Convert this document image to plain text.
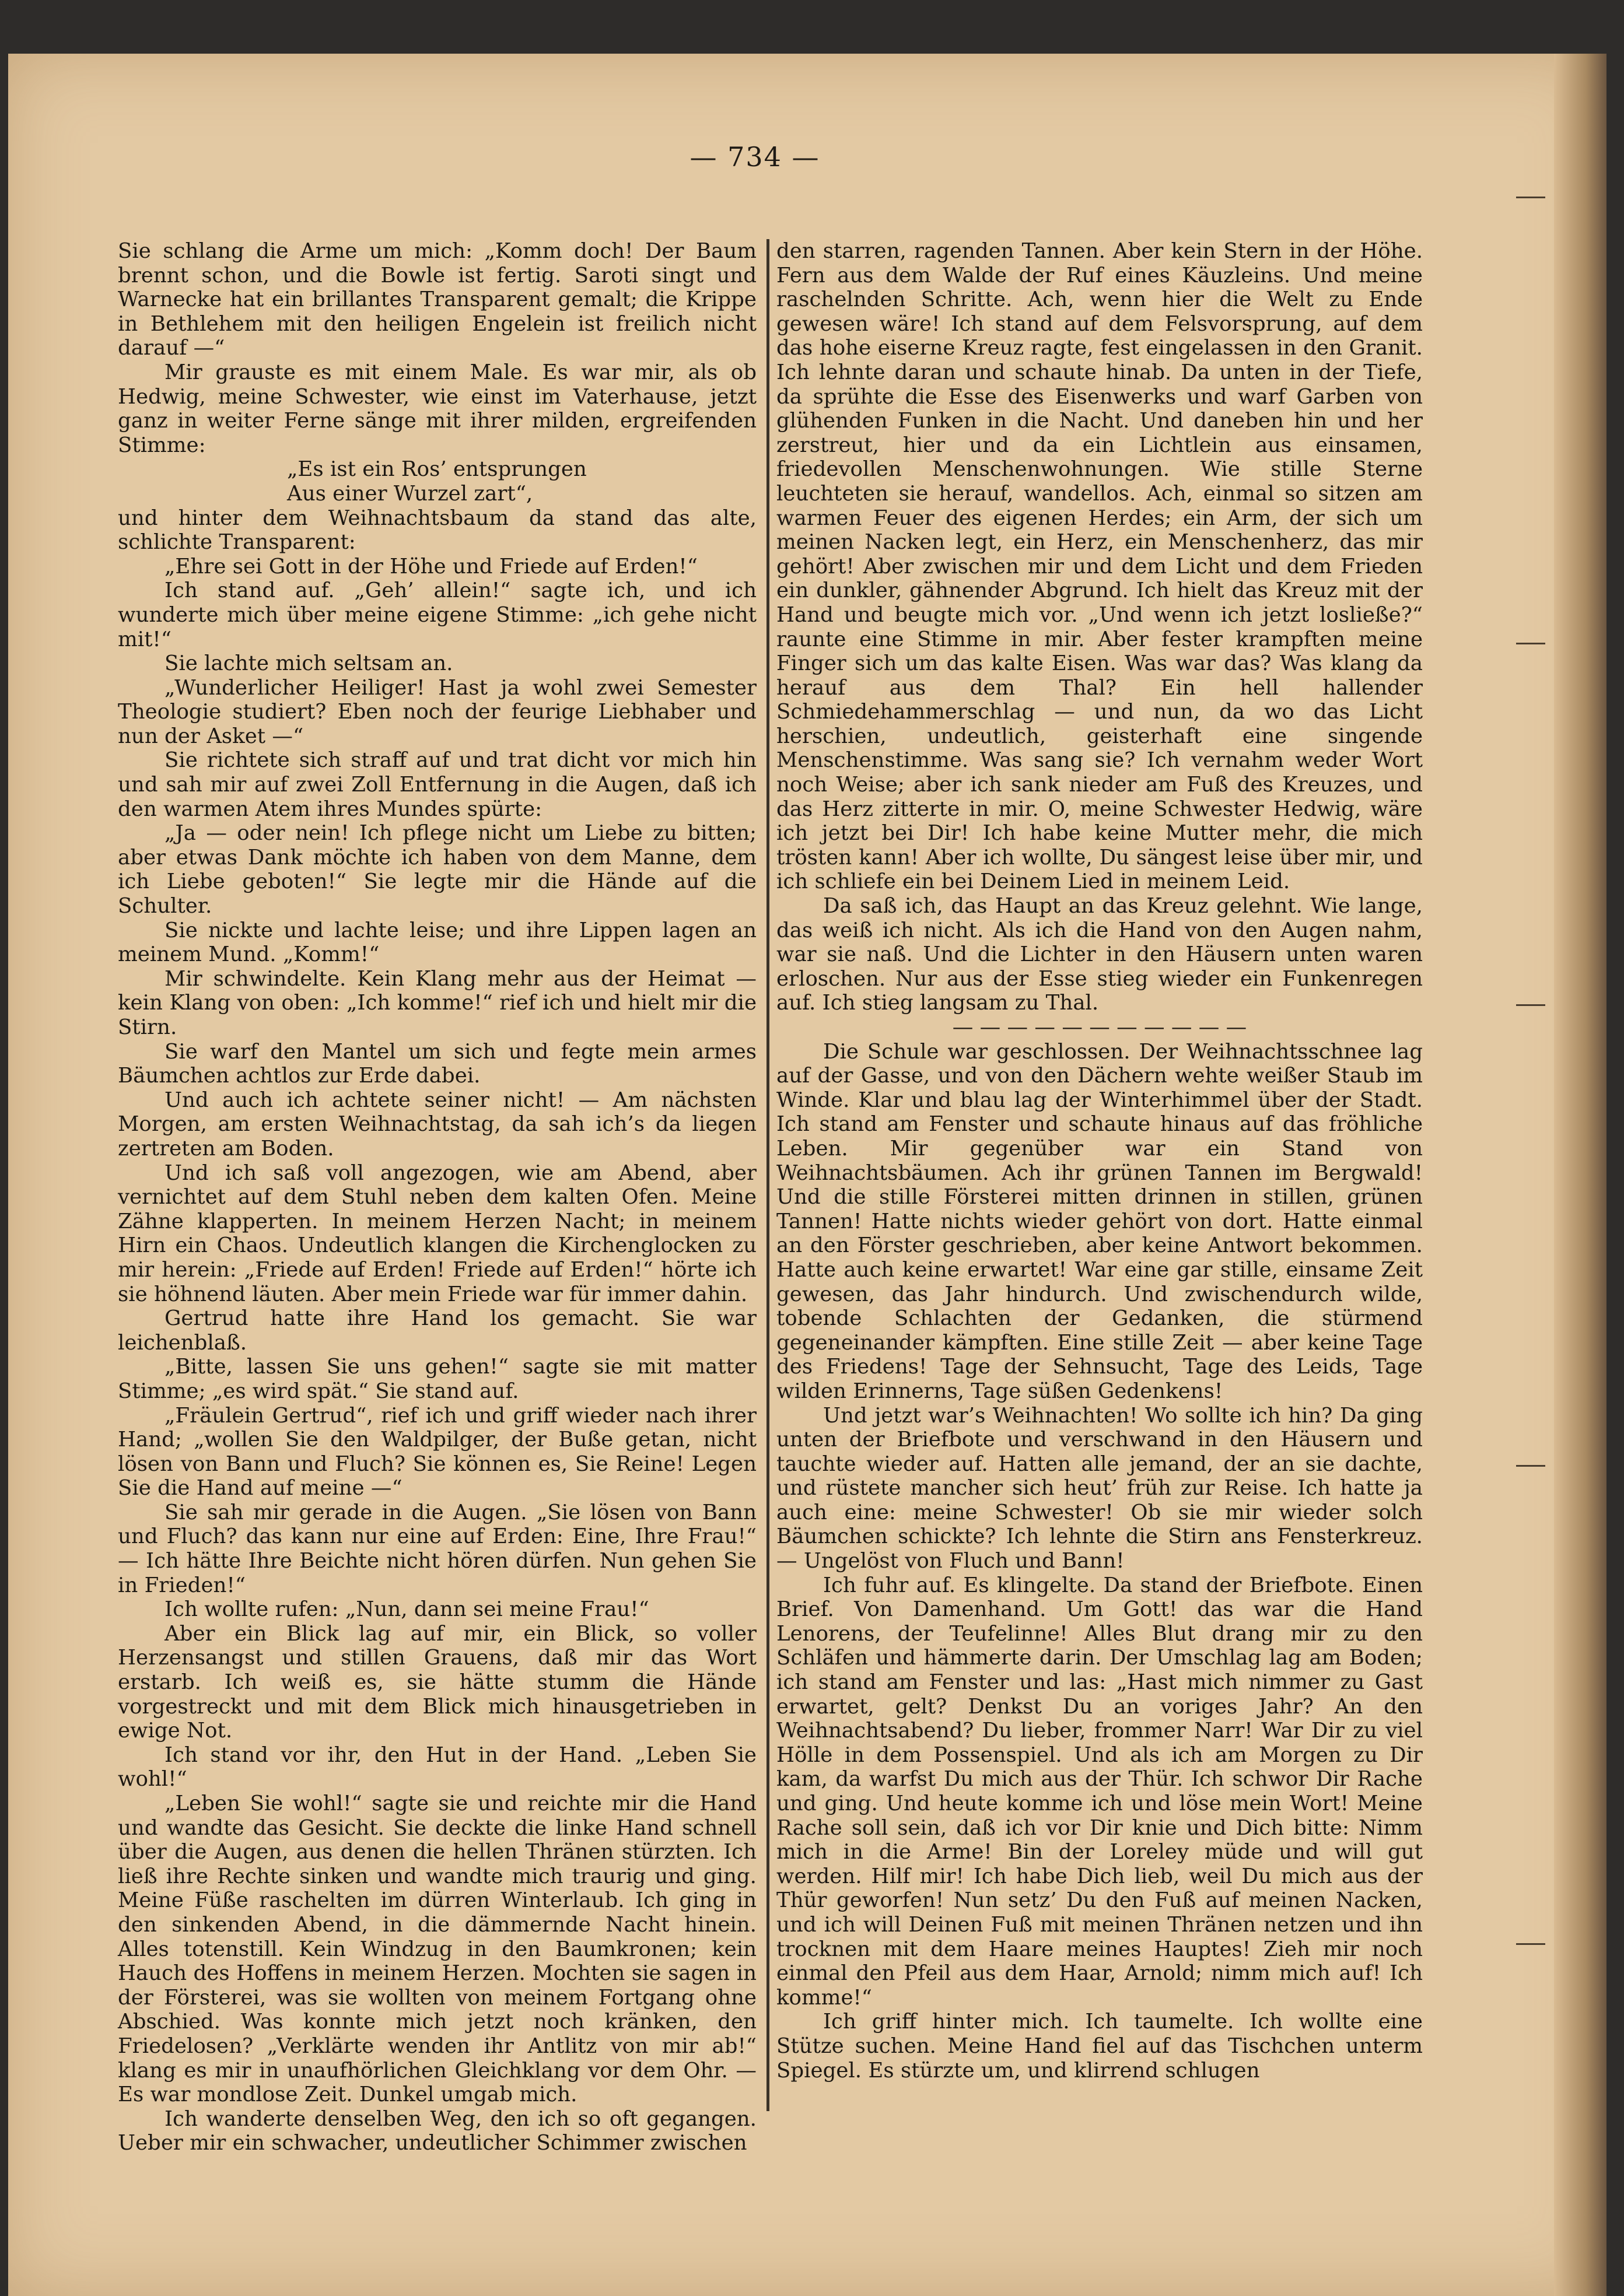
— 734 —

Sie schlang die Arme um mich: „Komm doch! Der Baum brennt schon, und die Bowle ist fertig. Saroti singt und Warnecke hat ein brillantes Transparent gemalt; die Krippe in Bethlehem mit den heiligen Engelein ist freilich nicht darauf —“

Mir grauste es mit einem Male. Es war mir, als ob Hedwig, meine Schwester, wie einst im Vaterhause, jetzt ganz in weiter Ferne sänge mit ihrer milden, ergreifenden Stimme:

„Es ist ein Ros’ entsprungen

Aus einer Wurzel zart“,

und hinter dem Weihnachtsbaum da stand das alte, schlichte Transparent:

„Ehre sei Gott in der Höhe und Friede auf Erden!“

Ich stand auf. „Geh’ allein!“ sagte ich, und ich wunderte mich über meine eigene Stimme: „ich gehe nicht mit!“

Sie lachte mich seltsam an.

„Wunderlicher Heiliger! Hast ja wohl zwei Semester Theologie studiert? Eben noch der feurige Liebhaber und nun der Asket —“

Sie richtete sich straff auf und trat dicht vor mich hin und sah mir auf zwei Zoll Entfernung in die Augen, daß ich den warmen Atem ihres Mundes spürte:

„Ja — oder nein! Ich pflege nicht um Liebe zu bitten; aber etwas Dank möchte ich haben von dem Manne, dem ich Liebe geboten!“ Sie legte mir die Hände auf die Schulter.

Sie nickte und lachte leise; und ihre Lippen lagen an meinem Mund. „Komm!“

Mir schwindelte. Kein Klang mehr aus der Heimat — kein Klang von oben: „Ich komme!“ rief ich und hielt mir die Stirn.

Sie warf den Mantel um sich und fegte mein armes Bäumchen achtlos zur Erde dabei.

Und auch ich achtete seiner nicht! — Am nächsten Morgen, am ersten Weihnachtstag, da sah ich’s da liegen zertreten am Boden.

Und ich saß voll angezogen, wie am Abend, aber vernichtet auf dem Stuhl neben dem kalten Ofen. Meine Zähne klapperten. In meinem Herzen Nacht; in meinem Hirn ein Chaos. Undeutlich klangen die Kirchenglocken zu mir herein: „Friede auf Erden! Friede auf Erden!“ hörte ich sie höhnend läuten. Aber mein Friede war für immer dahin.

Gertrud hatte ihre Hand los gemacht. Sie war leichenblaß.

„Bitte, lassen Sie uns gehen!“ sagte sie mit matter Stimme; „es wird spät.“ Sie stand auf.

„Fräulein Gertrud“, rief ich und griff wieder nach ihrer Hand; „wollen Sie den Waldpilger, der Buße getan, nicht lösen von Bann und Fluch? Sie können es, Sie Reine! Legen Sie die Hand auf meine —“

Sie sah mir gerade in die Augen. „Sie lösen von Bann und Fluch? das kann nur eine auf Erden: Eine, Ihre Frau!“ — Ich hätte Ihre Beichte nicht hören dürfen. Nun gehen Sie in Frieden!“

Ich wollte rufen: „Nun, dann sei meine Frau!“

Aber ein Blick lag auf mir, ein Blick, so voller Herzensangst und stillen Grauens, daß mir das Wort erstarb. Ich weiß es, sie hätte stumm die Hände vorgestreckt und mit dem Blick mich hinausgetrieben in ewige Not.

Ich stand vor ihr, den Hut in der Hand. „Leben Sie wohl!“

„Leben Sie wohl!“ sagte sie und reichte mir die Hand und wandte das Gesicht. Sie deckte die linke Hand schnell über die Augen, aus denen die hellen Thränen stürzten. Ich ließ ihre Rechte sinken und wandte mich traurig und ging. Meine Füße raschelten im dürren Winterlaub. Ich ging in den sinkenden Abend, in die dämmernde Nacht hinein. Alles totenstill. Kein Windzug in den Baumkronen; kein Hauch des Hoffens in meinem Herzen. Mochten sie sagen in der Försterei, was sie wollten von meinem Fortgang ohne Abschied. Was konnte mich jetzt noch kränken, den Friedelosen? „Verklärte wenden ihr Antlitz von mir ab!“ klang es mir in unaufhörlichen Gleichklang vor dem Ohr. — Es war mondlose Zeit. Dunkel umgab mich.

Ich wanderte denselben Weg, den ich so oft gegangen. Ueber mir ein schwacher, undeutlicher Schimmer zwischen

den starren, ragenden Tannen. Aber kein Stern in der Höhe. Fern aus dem Walde der Ruf eines Käuzleins. Und meine raschelnden Schritte. Ach, wenn hier die Welt zu Ende gewesen wäre! Ich stand auf dem Felsvorsprung, auf dem das hohe eiserne Kreuz ragte, fest eingelassen in den Granit. Ich lehnte daran und schaute hinab. Da unten in der Tiefe, da sprühte die Esse des Eisenwerks und warf Garben von glühenden Funken in die Nacht. Und daneben hin und her zerstreut, hier und da ein Lichtlein aus einsamen, friedevollen Menschenwohnungen. Wie stille Sterne leuchteten sie herauf, wandellos. Ach, einmal so sitzen am warmen Feuer des eigenen Herdes; ein Arm, der sich um meinen Nacken legt, ein Herz, ein Menschenherz, das mir gehört! Aber zwischen mir und dem Licht und dem Frieden ein dunkler, gähnender Abgrund. Ich hielt das Kreuz mit der Hand und beugte mich vor. „Und wenn ich jetzt losließe?“ raunte eine Stimme in mir. Aber fester krampften meine Finger sich um das kalte Eisen. Was war das? Was klang da herauf aus dem Thal? Ein hell hallender Schmiedehammerschlag — und nun, da wo das Licht herschien, undeutlich, geisterhaft eine singende Menschenstimme. Was sang sie? Ich vernahm weder Wort noch Weise; aber ich sank nieder am Fuß des Kreuzes, und das Herz zitterte in mir. O, meine Schwester Hedwig, wäre ich jetzt bei Dir! Ich habe keine Mutter mehr, die mich trösten kann! Aber ich wollte, Du sängest leise über mir, und ich schliefe ein bei Deinem Lied in meinem Leid.

Da saß ich, das Haupt an das Kreuz gelehnt. Wie lange, das weiß ich nicht. Als ich die Hand von den Augen nahm, war sie naß. Und die Lichter in den Häusern unten waren erloschen. Nur aus der Esse stieg wieder ein Funkenregen auf. Ich stieg langsam zu Thal.

— — — — — — — — — — —

Die Schule war geschlossen. Der Weihnachtsschnee lag auf der Gasse, und von den Dächern wehte weißer Staub im Winde. Klar und blau lag der Winterhimmel über der Stadt. Ich stand am Fenster und schaute hinaus auf das fröhliche Leben. Mir gegenüber war ein Stand von Weihnachtsbäumen. Ach ihr grünen Tannen im Bergwald! Und die stille Försterei mitten drinnen in stillen, grünen Tannen! Hatte nichts wieder gehört von dort. Hatte einmal an den Förster geschrieben, aber keine Antwort bekommen. Hatte auch keine erwartet! War eine gar stille, einsame Zeit gewesen, das Jahr hindurch. Und zwischendurch wilde, tobende Schlachten der Gedanken, die stürmend gegeneinander kämpften. Eine stille Zeit — aber keine Tage des Friedens! Tage der Sehnsucht, Tage des Leids, Tage wilden Erinnerns, Tage süßen Gedenkens!

Und jetzt war’s Weihnachten! Wo sollte ich hin? Da ging unten der Briefbote und verschwand in den Häusern und tauchte wieder auf. Hatten alle jemand, der an sie dachte, und rüstete mancher sich heut’ früh zur Reise. Ich hatte ja auch eine: meine Schwester! Ob sie mir wieder solch Bäumchen schickte? Ich lehnte die Stirn ans Fensterkreuz. — Ungelöst von Fluch und Bann!

Ich fuhr auf. Es klingelte. Da stand der Briefbote. Einen Brief. Von Damenhand. Um Gott! das war die Hand Lenorens, der Teufelinne! Alles Blut drang mir zu den Schläfen und hämmerte darin. Der Umschlag lag am Boden; ich stand am Fenster und las: „Hast mich nimmer zu Gast erwartet, gelt? Denkst Du an voriges Jahr? An den Weihnachtsabend? Du lieber, frommer Narr! War Dir zu viel Hölle in dem Possenspiel. Und als ich am Morgen zu Dir kam, da warfst Du mich aus der Thür. Ich schwor Dir Rache und ging. Und heute komme ich und löse mein Wort! Meine Rache soll sein, daß ich vor Dir knie und Dich bitte: Nimm mich in die Arme! Bin der Loreley müde und will gut werden. Hilf mir! Ich habe Dich lieb, weil Du mich aus der Thür geworfen! Nun setz’ Du den Fuß auf meinen Nacken, und ich will Deinen Fuß mit meinen Thränen netzen und ihn trocknen mit dem Haare meines Hauptes! Zieh mir noch einmal den Pfeil aus dem Haar, Arnold; nimm mich auf! Ich komme!“

Ich griff hinter mich. Ich taumelte. Ich wollte eine Stütze suchen. Meine Hand fiel auf das Tischchen unterm Spiegel. Es stürzte um, und klirrend schlugen
